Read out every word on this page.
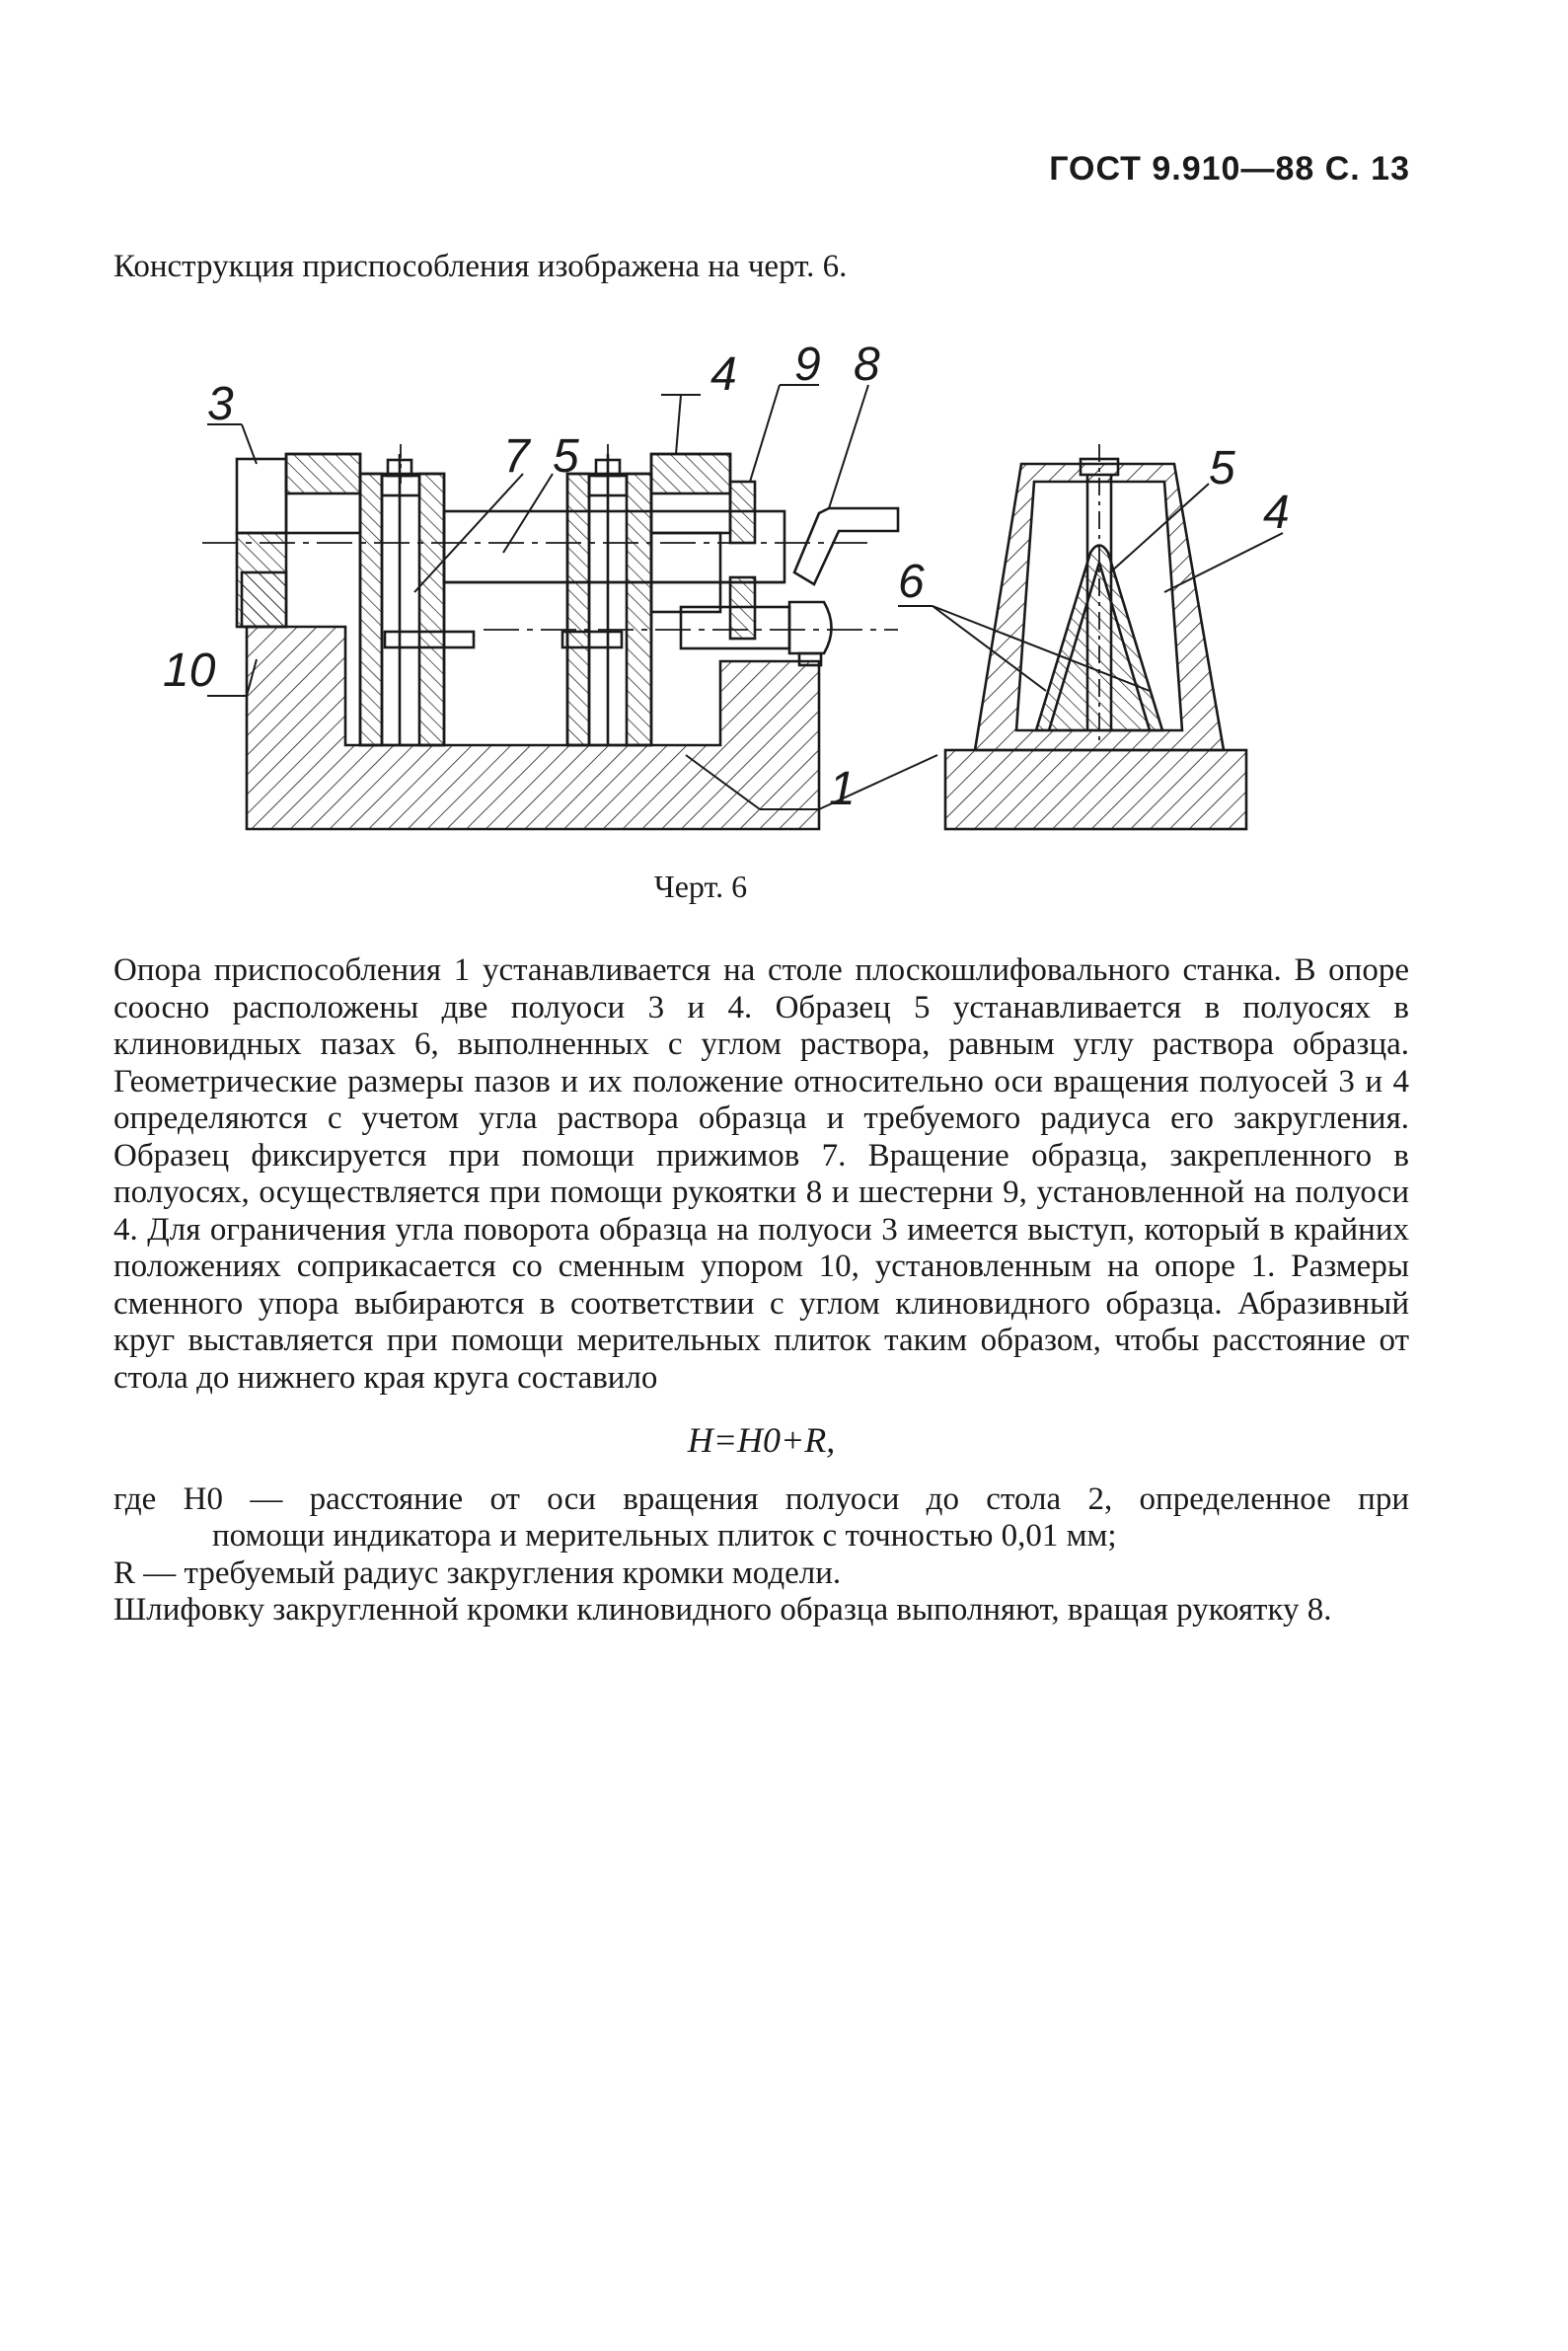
ГОСТ 9.910—88 С. 13
Конструкция приспособления изображена на черт. 6.
3
10
7 5
4 9 8
5
4
6
1
Черт. 6

Опора приспособления 1 устанавливается на столе плоскошлифовального станка. В опоре соосно расположены две полуоси 3 и 4. Образец 5 устанавливается в полуосях в клиновидных пазах 6, выполненных с углом раствора, равным углу раствора образца. Геометрические размеры пазов и их положение относительно оси вращения полуосей 3 и 4 определяются с учетом угла раствора образца и требуемого радиуса его закругления. Образец фиксируется при помощи прижимов 7. Вращение образца, закрепленного в полуосях, осуществляется при помощи рукоятки 8 и шестерни 9, установленной на полуоси 4. Для ограничения угла поворота образца на полуоси 3 имеется выступ, который в крайних положениях соприкасается со сменным упором 10, установленным на опоре 1. Размеры сменного упора выбираются в соответствии с углом клиновидного образца. Абразивный круг выставляется при помощи мерительных плиток таким образом, чтобы расстояние от стола до нижнего края круга составило

H=H0+R,

где H0 — расстояние от оси вращения полуоси до стола 2, определенное при

помощи индикатора и мерительных плиток с точностью 0,01 мм;

R — требуемый радиус закругления кромки модели.

Шлифовку закругленной кромки клиновидного образца выполняют, вращая рукоятку 8.
